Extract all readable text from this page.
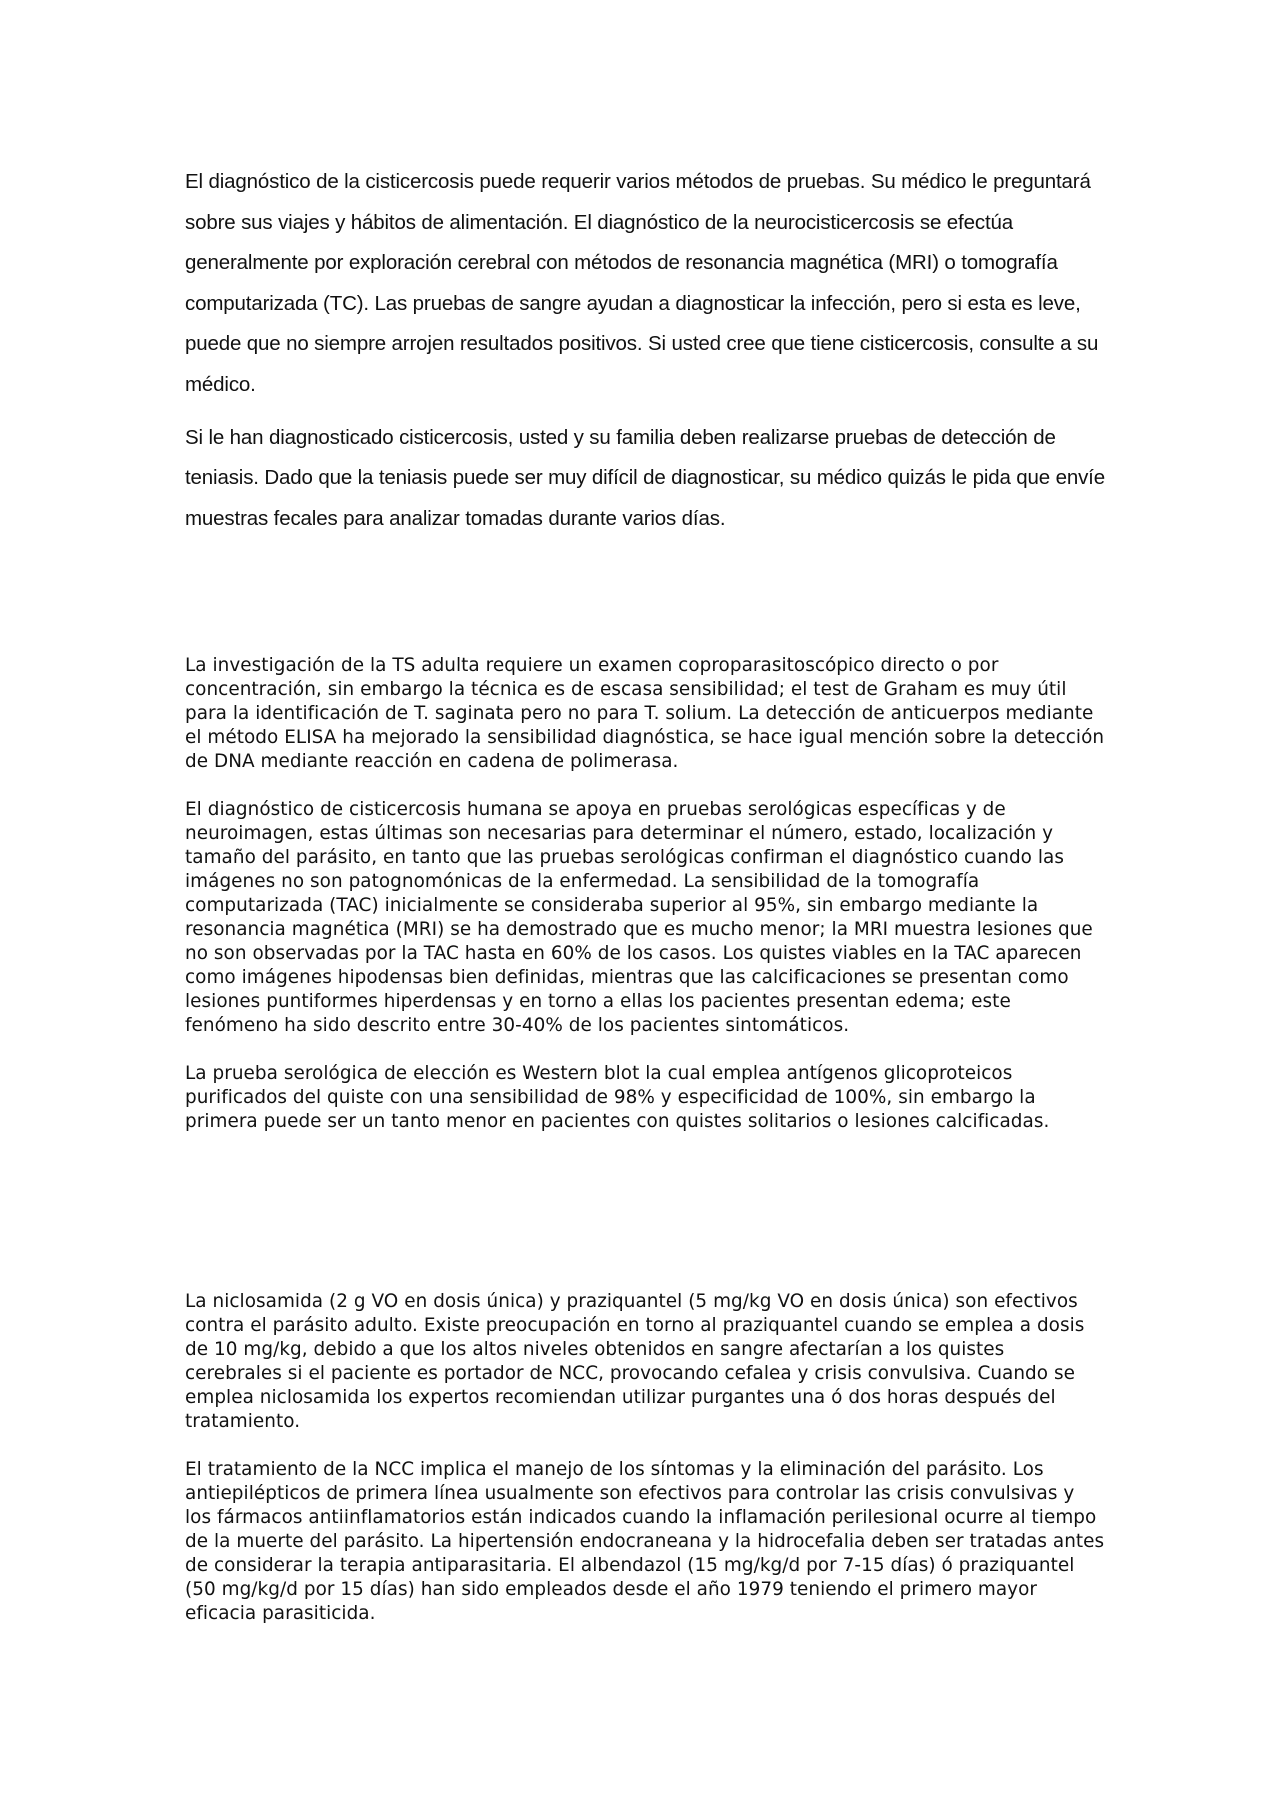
El diagnóstico de la cisticercosis puede requerir varios métodos de pruebas. Su médico le preguntará sobre sus viajes y hábitos de alimentación. El diagnóstico de la neurocisticercosis se efectúa generalmente por exploración cerebral con métodos de resonancia magnética (MRI) o tomografía computarizada (TC). Las pruebas de sangre ayudan a diagnosticar la infección, pero si esta es leve, puede que no siempre arrojen resultados positivos. Si usted cree que tiene cisticercosis, consulte a su médico.

Si le han diagnosticado cisticercosis, usted y su familia deben realizarse pruebas de detección de teniasis. Dado que la teniasis puede ser muy difícil de diagnosticar, su médico quizás le pida que envíe muestras fecales para analizar tomadas durante varios días.

La investigación de la TS adulta requiere un examen coproparasitoscópico directo o por concentración, sin embargo la técnica es de escasa sensibilidad; el test de Graham es muy útil para la identificación de T. saginata pero no para T. solium. La detección de anticuerpos mediante el método ELISA ha mejorado la sensibilidad diagnóstica, se hace igual mención sobre la detección de DNA mediante reacción en cadena de polimerasa.

El diagnóstico de cisticercosis humana se apoya en pruebas serológicas específicas y de neuroimagen, estas últimas son necesarias para determinar el número, estado, localización y tamaño del parásito, en tanto que las pruebas serológicas confirman el diagnóstico cuando las imágenes no son patognomónicas de la enfermedad. La sensibilidad de la tomografía computarizada (TAC) inicialmente se consideraba superior al 95%, sin embargo mediante la resonancia magnética (MRI) se ha demostrado que es mucho menor; la MRI muestra lesiones que no son observadas por la TAC hasta en 60% de los casos. Los quistes viables en la TAC aparecen como imágenes hipodensas bien definidas, mientras que las calcificaciones se presentan como lesiones puntiformes hiperdensas y en torno a ellas los pacientes presentan edema; este fenómeno ha sido descrito entre 30-40% de los pacientes sintomáticos.

La prueba serológica de elección es Western blot la cual emplea antígenos glicoproteicos purificados del quiste con una sensibilidad de 98% y especificidad de 100%, sin embargo la primera puede ser un tanto menor en pacientes con quistes solitarios o lesiones calcificadas.

La niclosamida (2 g VO en dosis única) y praziquantel (5 mg/kg VO en dosis única) son efectivos contra el parásito adulto. Existe preocupación en torno al praziquantel cuando se emplea a dosis de 10 mg/kg, debido a que los altos niveles obtenidos en sangre afectarían a los quistes cerebrales si el paciente es portador de NCC, provocando cefalea y crisis convulsiva. Cuando se emplea niclosamida los expertos recomiendan utilizar purgantes una ó dos horas después del tratamiento.

El tratamiento de la NCC implica el manejo de los síntomas y la eliminación del parásito. Los antiepilépticos de primera línea usualmente son efectivos para controlar las crisis convulsivas y los fármacos antiinflamatorios están indicados cuando la inflamación perilesional ocurre al tiempo de la muerte del parásito. La hipertensión endocraneana y la hidrocefalia deben ser tratadas antes de considerar la terapia antiparasitaria. El albendazol (15 mg/kg/d por 7-15 días) ó praziquantel (50 mg/kg/d por 15 días) han sido empleados desde el año 1979 teniendo el primero mayor eficacia parasiticida.
